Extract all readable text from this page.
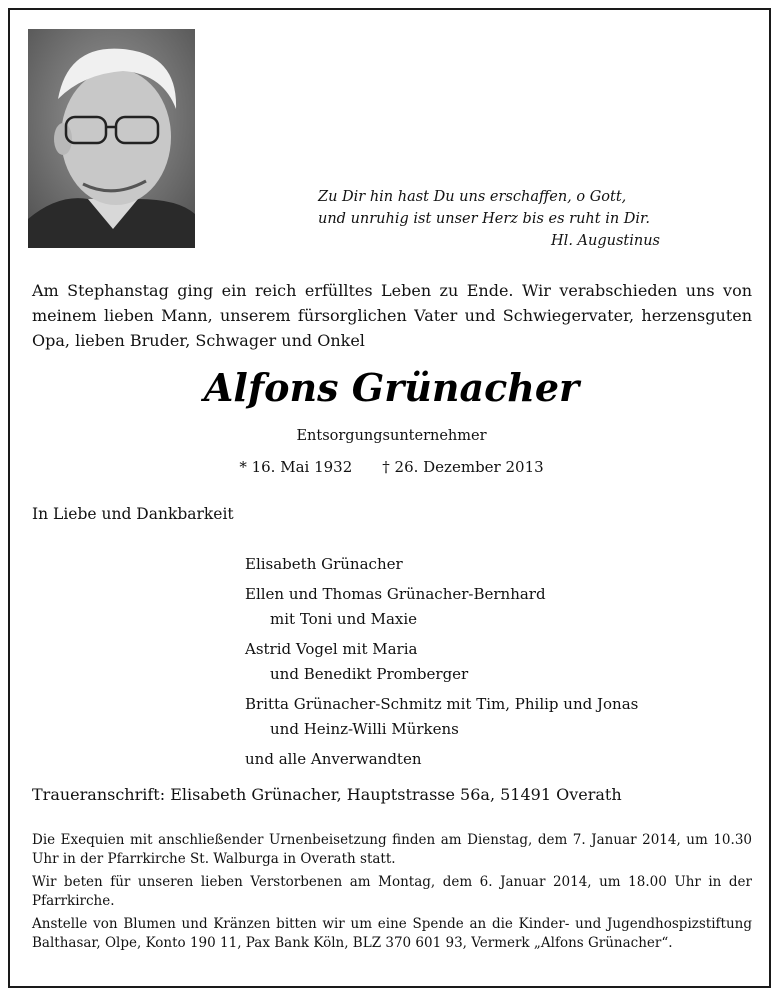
Zu Dir hin hast Du uns erschaffen, o Gott,
und unruhig ist unser Herz bis es ruht in Dir.

Hl. Augustinus
Am Stephanstag ging ein reich erfülltes Leben zu Ende. Wir verabschieden uns von meinem lieben Mann, unserem fürsorglichen Vater und Schwiegervater, herzensguten Opa, lieben Bruder, Schwager und Onkel
Alfons Grünacher
Entsorgungsunternehmer
* 16. Mai 1932 † 26. Dezember 2013
In Liebe und Dankbarkeit
Elisabeth Grünacher
Ellen und Thomas Grünacher-Bernhard
mit Toni und Maxie
Astrid Vogel mit Maria
und Benedikt Promberger
Britta Grünacher-Schmitz mit Tim, Philip und Jonas
und Heinz-Willi Mürkens
und alle Anverwandten
Traueranschrift: Elisabeth Grünacher, Hauptstrasse 56a, 51491 Overath

Die Exequien mit anschließender Urnenbeisetzung finden am Dienstag, dem 7. Januar 2014, um 10.30 Uhr in der Pfarrkirche St. Walburga in Overath statt.

Wir beten für unseren lieben Verstorbenen am Montag, dem 6. Januar 2014, um 18.00 Uhr in der Pfarrkirche.

Anstelle von Blumen und Kränzen bitten wir um eine Spende an die Kinder- und Jugendhospizstiftung Balthasar, Olpe, Konto 190 11, Pax Bank Köln, BLZ 370 601 93, Vermerk „Alfons Grünacher“.
